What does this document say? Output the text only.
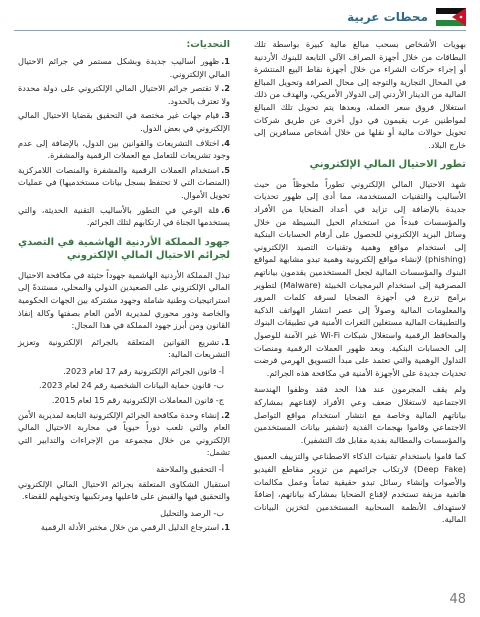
محطات عربية

بهويات الأشخاص بسحب مبالغ مالية كبيرة بواسطة تلك البطاقات من خلال أجهزة الصراف الآلي التابعة للبنوك الأردنية أو إجراء حركات الشراء من خلال أجهزة نقاط البيع المنتشرة في المحال التجارية والتوجه إلى محال الصرافة وتحويل المبالغ المالية من الدينار الأردني إلى الدولار الأمريكي، والهدف من ذلك استغلال فروق سعر العملة، وبعدها يتم تحويل تلك المبالغ لمواطنين عرب يقيمون في دول أخرى عن طريق شركات تحويل حوالات مالية أو نقلها من خلال أشخاص مسافرين إلى خارج البلاد.

تطور الاحتيال المالي الإلكتروني

شهد الاحتيال المالي الإلكتروني تطوراً ملحوظاً من حيث الأساليب والتقنيات المستخدمة، مما أدى إلى ظهور تحديات جديدة بالإضافة إلى تزايد في أعداد الضحايا من الأفراد والمؤسسات فبدءاً من استخدام الحيل البسيطة من خلال وسائل البريد الإلكتروني للحصول على أرقام الحسابات البنكية إلى استخدام مواقع وهمية وتقنيات التصيد الإلكتروني (phishing) لإنشاء مواقع إلكترونية وهمية تبدو مشابهة لمواقع البنوك والمؤسسات المالية لجعل المستخدمين يقدمون بياناتهم المصرفية إلى استخدام البرمجيات الخبيثة (Malware) لتطوير برامج تزرع في أجهزة الضحايا لسرقة كلمات المرور والمعلومات المالية وصولاً إلى عصر انتشار الهواتف الذكية والتطبيقات المالية مستغلين الثغرات الأمنية في تطبيقات البنوك والمحافظ الرقمية واستغلال شبكات Wi-Fi غير الآمنة للوصول إلى الحسابات البنكية. وبعد ظهور العملات الرقمية ومنصات التداول الوهمية والتي تعتمد على مبدأ التسويق الهرمي فرضت تحديات جديدة على الأجهزة الأمنية في مكافحة هذه الجرائم.

ولم يقف المجرمون عند هذا الحد فقد وظفوا الهندسة الاجتماعية لاستغلال ضعف وعي الأفراد لإقناعهم بمشاركة بياناتهم المالية وخاصة مع انتشار استخدام مواقع التواصل الاجتماعي وقاموا بهجمات الفدية (تشفير بيانات المستخدمين والمؤسسات والمطالبة بفدية مقابل فك التشفير).

كما قاموا باستخدام تقنيات الذكاء الاصطناعي والتزييف العميق (Deep Fake) لارتكاب جرائمهم من تزوير مقاطع الفيديو والأصوات وإنشاء رسائل تبدو حقيقية تماماً وعمل مكالمات هاتفية مزيفة تستخدم لإقناع الضحايا بمشاركة بياناتهم، إضافةً لاستهداف الأنظمة السحابية المستخدمين لتخزين البيانات المالية.

التحديات:
1.ظهور أساليب جديدة وبشكل مستمر في جرائم الاحتيال المالي الإلكتروني.
2.لا تقتصر جرائم الاحتيال المالي الإلكتروني على دولة محددة ولا تعترف بالحدود.
3.قيام جهات غير مختصة في التحقيق بقضايا الاحتيال المالي الإلكتروني في بعض الدول.
4.اختلاف التشريعات والقوانين بين الدول، بالإضافة إلى عدم وجود تشريعات للتعامل مع العملات الرقمية والمشفرة.
5.استخدام العملات الرقمية والمشفرة والمنصات اللامركزية (المنصات التي لا تحتفظ بسجل بيانات مستخدميها) في عمليات تحويل الأموال.
6.قلة الوعي في التطور بالأساليب التقنية الحديثة، والتي يستخدمها الجناة في ارتكابهم لتلك الجرائم.
جهود المملكة الأردنية الهاشمية في التصدي لجرائم الاحتيال المالي الإلكتروني

تبذل المملكة الأردنية الهاشمية جهوداً حثيثة في مكافحة الاحتيال المالي الإلكتروني على الصعيدين الدولي والمحلي، مستندةً إلى استراتيجيات وطنية شاملة وجهود مشتركة بين الجهات الحكومية والخاصة ودور محوري لمديرية الأمن العام بصفتها وكالة إنفاذ القانون ومن أبرز جهود المملكة في هذا المجال:

1.تشريع القوانين المتعلقة بالجرائم الإلكترونية وتعزيز التشريعات المالية:
أ- قانون الجرائم الإلكترونية رقم 17 لعام 2023.
ب- قانون حماية البيانات الشخصية رقم 24 لعام 2023.
ج- قانون المعاملات الإلكترونية رقم 15 لعام 2015.
2.إنشاء وحدة مكافحة الجرائم الإلكترونية التابعة لمديرية الأمن العام والتي تلعب دوراً حيوياً في محاربة الاحتيال المالي الإلكتروني من خلال مجموعة من الإجراءات والتدابير التي تشمل:
أ- التحقيق والملاحقة

استقبال الشكاوى المتعلقة بجرائم الاحتيال المالي الإلكتروني والتحقيق فيها والقبض على فاعليها ومرتكبيها وتحويلهم للقضاء.

ب- الرصد والتحليل
1.استرجاع الدليل الرقمي من خلال مختبر الأدلة الرقمية
48
